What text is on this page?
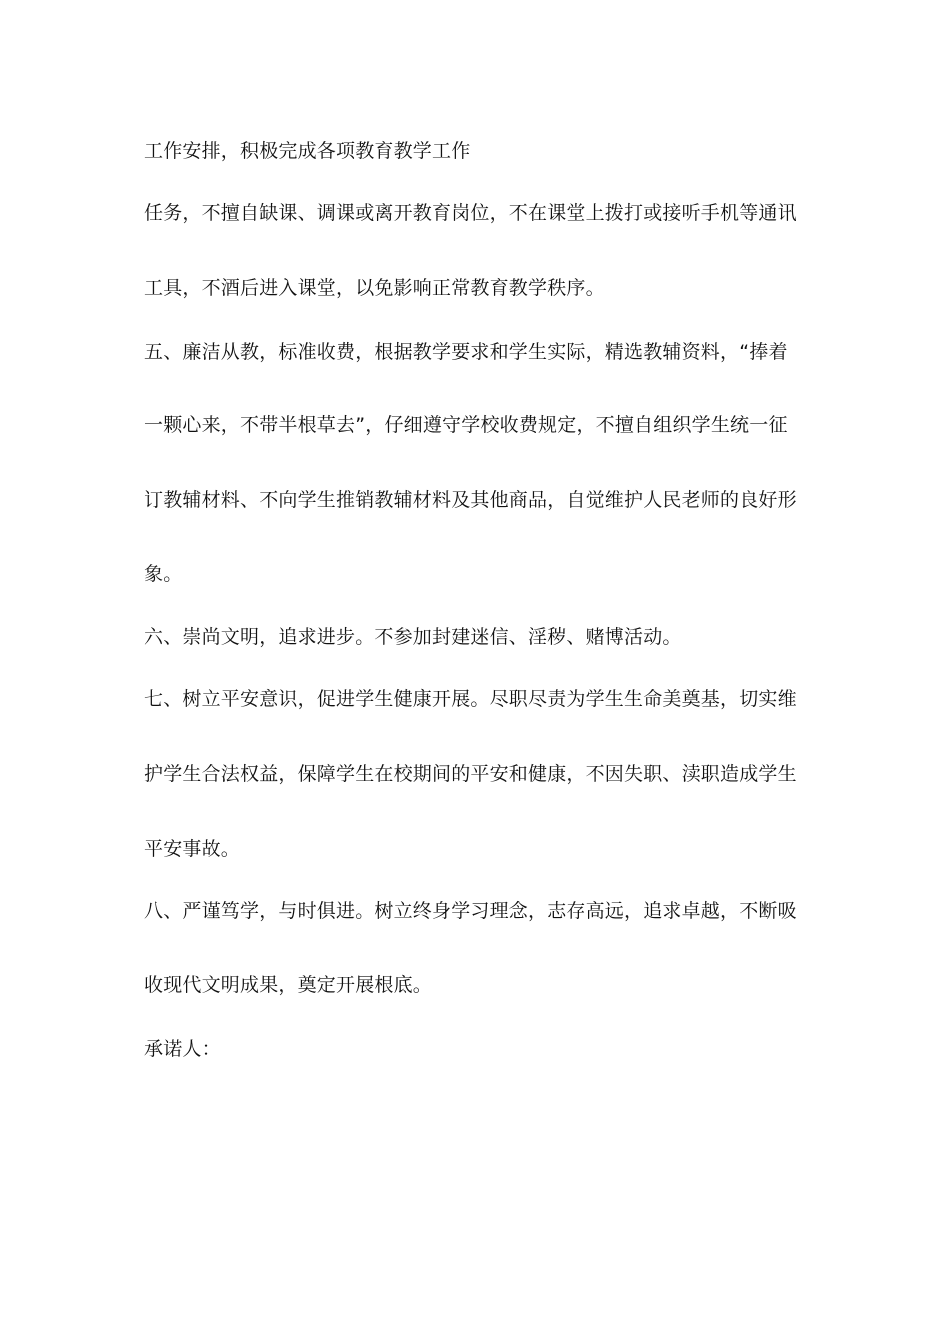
工作安排，积极完成各项教育教学工作
任务，不擅自缺课、调课或离开教育岗位，不在课堂上拨打或接听手机等通讯
工具，不酒后进入课堂，以免影响正常教育教学秩序。
五、廉洁从教，标准收费，根据教学要求和学生实际，精选教辅资料，“捧着
一颗心来，不带半根草去”，仔细遵守学校收费规定，不擅自组织学生统一征
订教辅材料、不向学生推销教辅材料及其他商品，自觉维护人民老师的良好形
象。
六、崇尚文明，追求进步。不参加封建迷信、淫秽、赌博活动。
七、树立平安意识，促进学生健康开展。尽职尽责为学生生命美奠基，切实维
护学生合法权益，保障学生在校期间的平安和健康，不因失职、渎职造成学生
平安事故。
八、严谨笃学，与时俱进。树立终身学习理念，志存高远，追求卓越，不断吸
收现代文明成果，奠定开展根底。
承诺人：
